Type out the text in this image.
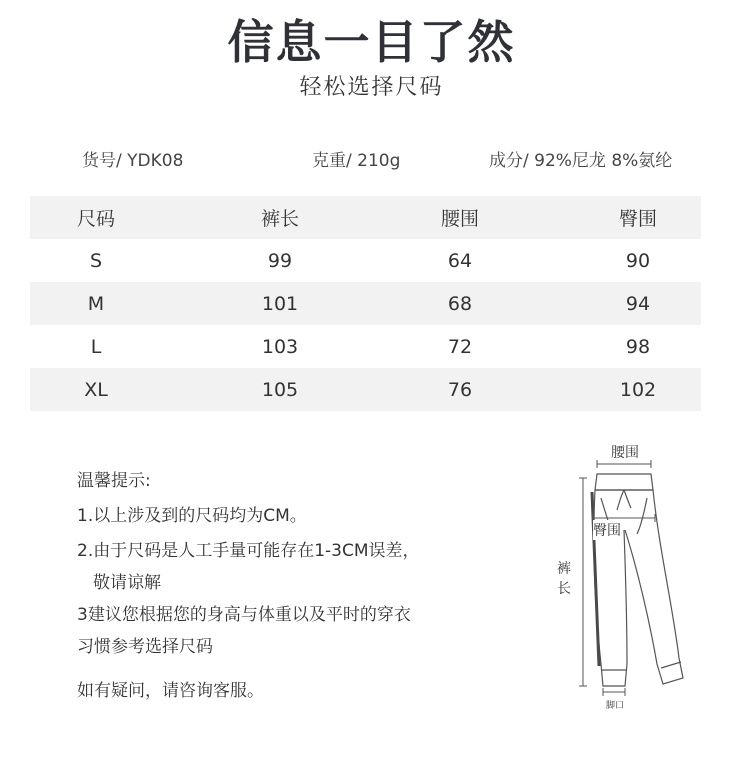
信息一目了然
轻松选择尺码
货号/ YDK08	克重/ 210g	成分/ 92%尼龙 8%氨纶
尺码	裤长	腰围	臀围
S	99	64	90
M	101	68	94
L	103	72	98
XL	105	76	102
温馨提示:
1.以上涉及到的尺码均为CM。
2.由于尺码是人工手量可能存在1-3CM误差，
敬请谅解
3建议您根据您的身高与体重以及平时的穿衣
习惯参考选择尺码
如有疑问，请咨询客服。
腰围
臀围
裤
长
脚口
